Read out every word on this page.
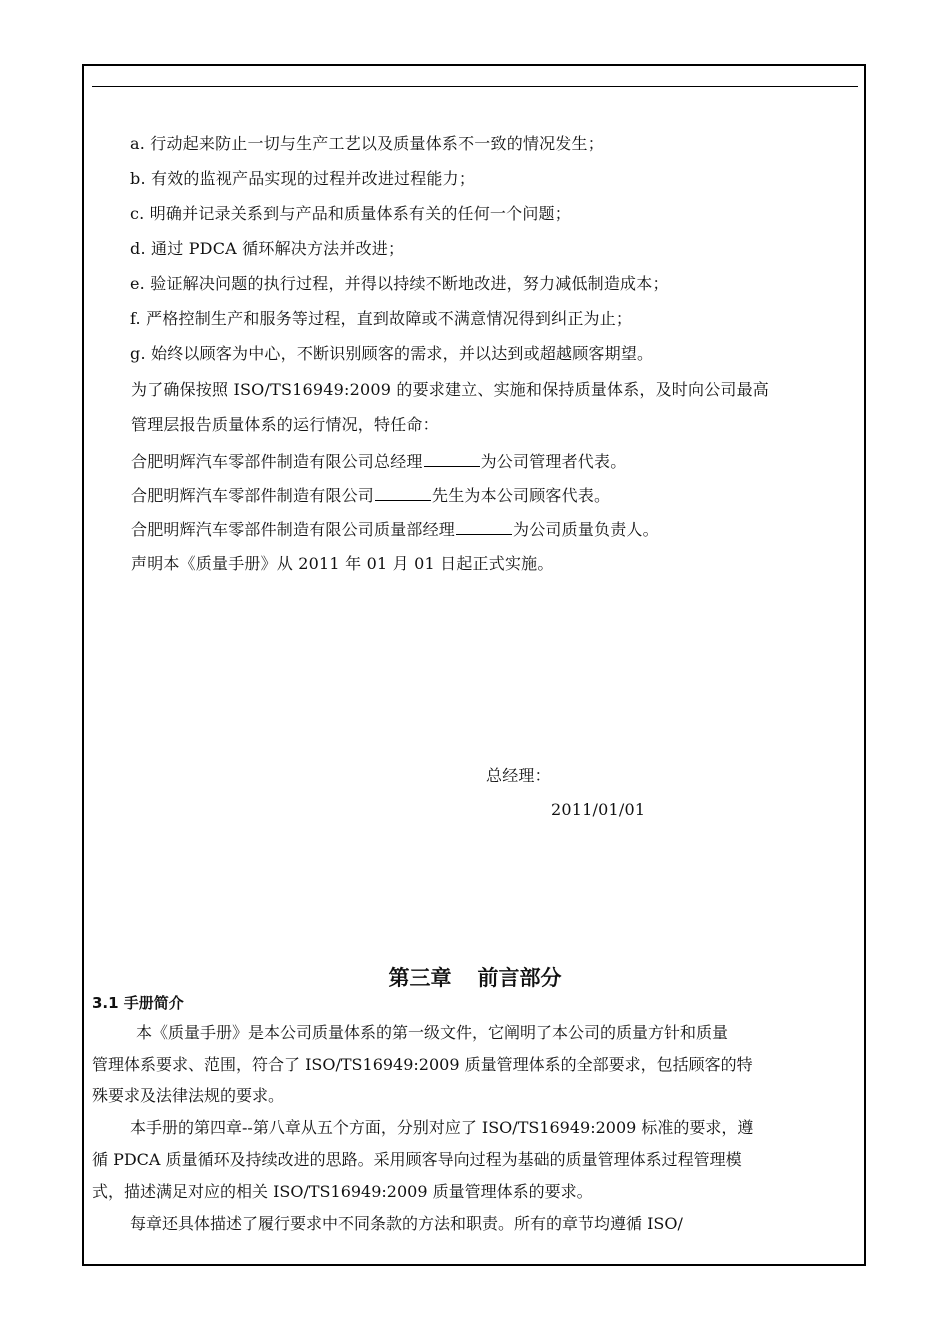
a. 行动起来防止一切与生产工艺以及质量体系不一致的情况发生；
b. 有效的监视产品实现的过程并改进过程能力；
c. 明确并记录关系到与产品和质量体系有关的任何一个问题；
d. 通过 PDCA 循环解决方法并改进；
e. 验证解决问题的执行过程，并得以持续不断地改进，努力减低制造成本；
f. 严格控制生产和服务等过程，直到故障或不满意情况得到纠正为止；
g. 始终以顾客为中心，不断识别顾客的需求，并以达到或超越顾客期望。
为了确保按照 ISO/TS16949:2009 的要求建立、实施和保持质量体系，及时向公司最高
管理层报告质量体系的运行情况，特任命：
合肥明辉汽车零部件制造有限公司总经理	为公司管理者代表。
合肥明辉汽车零部件制造有限公司	先生为本公司顾客代表。
合肥明辉汽车零部件制造有限公司质量部经理	为公司质量负责人。
声明本《质量手册》从 2011 年 01 月 01 日起正式实施。
总经理：
2011/01/01
第三章 前言部分
3.1 手册简介
本《质量手册》是本公司质量体系的第一级文件，它阐明了本公司的质量方针和质量
管理体系要求、范围，符合了 ISO/TS16949:2009 质量管理体系的全部要求，包括顾客的特
殊要求及法律法规的要求。
本手册的第四章--第八章从五个方面，分别对应了 ISO/TS16949:2009 标准的要求，遵
循 PDCA 质量循环及持续改进的思路。采用顾客导向过程为基础的质量管理体系过程管理模
式，描述满足对应的相关 ISO/TS16949:2009 质量管理体系的要求。
每章还具体描述了履行要求中不同条款的方法和职责。所有的章节均遵循 ISO/
